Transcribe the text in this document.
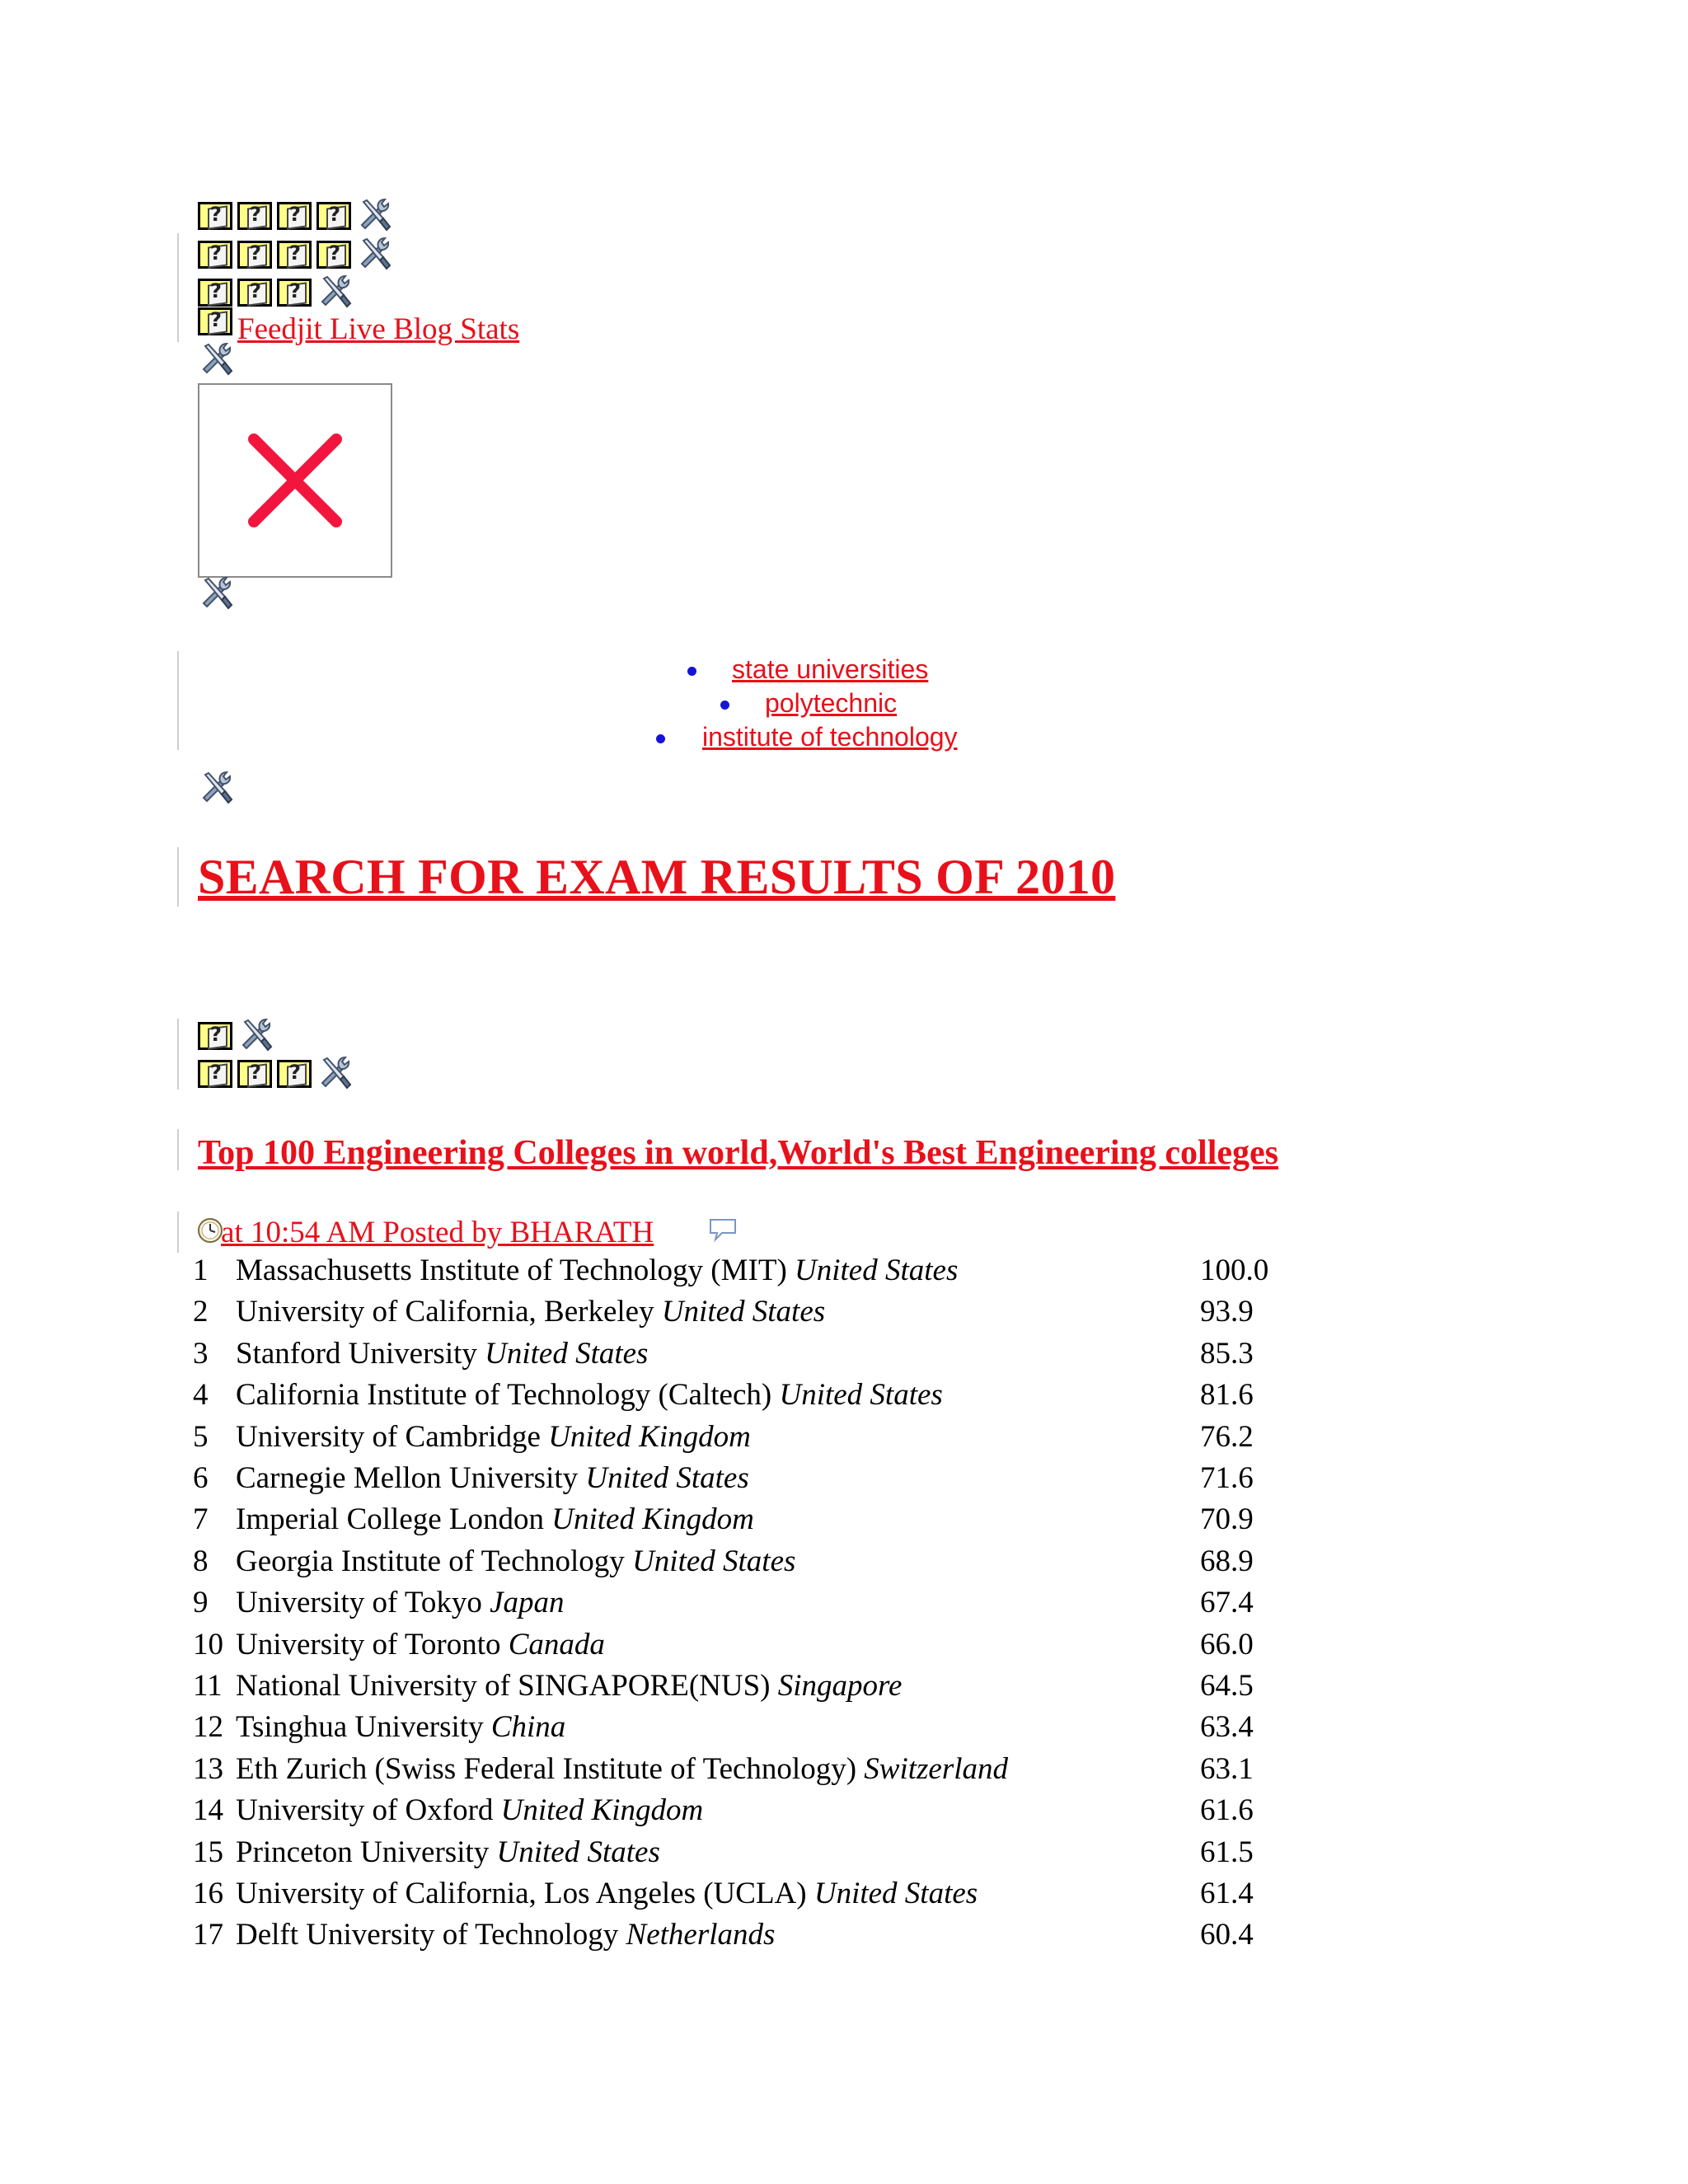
?
?
?
?
?
?
?
?
?
?
?
?
Feedjit Live Blog Stats
state universities
polytechnic
institute of technology
SEARCH FOR EXAM RESULTS OF 2010
?
?
?
?
Top 100 Engineering Colleges in world,World's Best Engineering colleges
at 10:54 AM Posted by BHARATH
1 Massachusetts Institute of Technology (MIT) United States	100.0
2 University of California, Berkeley United States	93.9
3 Stanford University United States	85.3
4 California Institute of Technology (Caltech) United States	81.6
5 University of Cambridge United Kingdom	76.2
6 Carnegie Mellon University United States	71.6
7 Imperial College London United Kingdom	70.9
8 Georgia Institute of Technology United States	68.9
9 University of Tokyo Japan	67.4
10 University of Toronto Canada	66.0
11 National University of SINGAPORE(NUS) Singapore	64.5
12 Tsinghua University China	63.4
13 Eth Zurich (Swiss Federal Institute of Technology) Switzerland	63.1
14 University of Oxford United Kingdom	61.6
15 Princeton University United States	61.5
16 University of California, Los Angeles (UCLA) United States	61.4
17 Delft University of Technology Netherlands	60.4
